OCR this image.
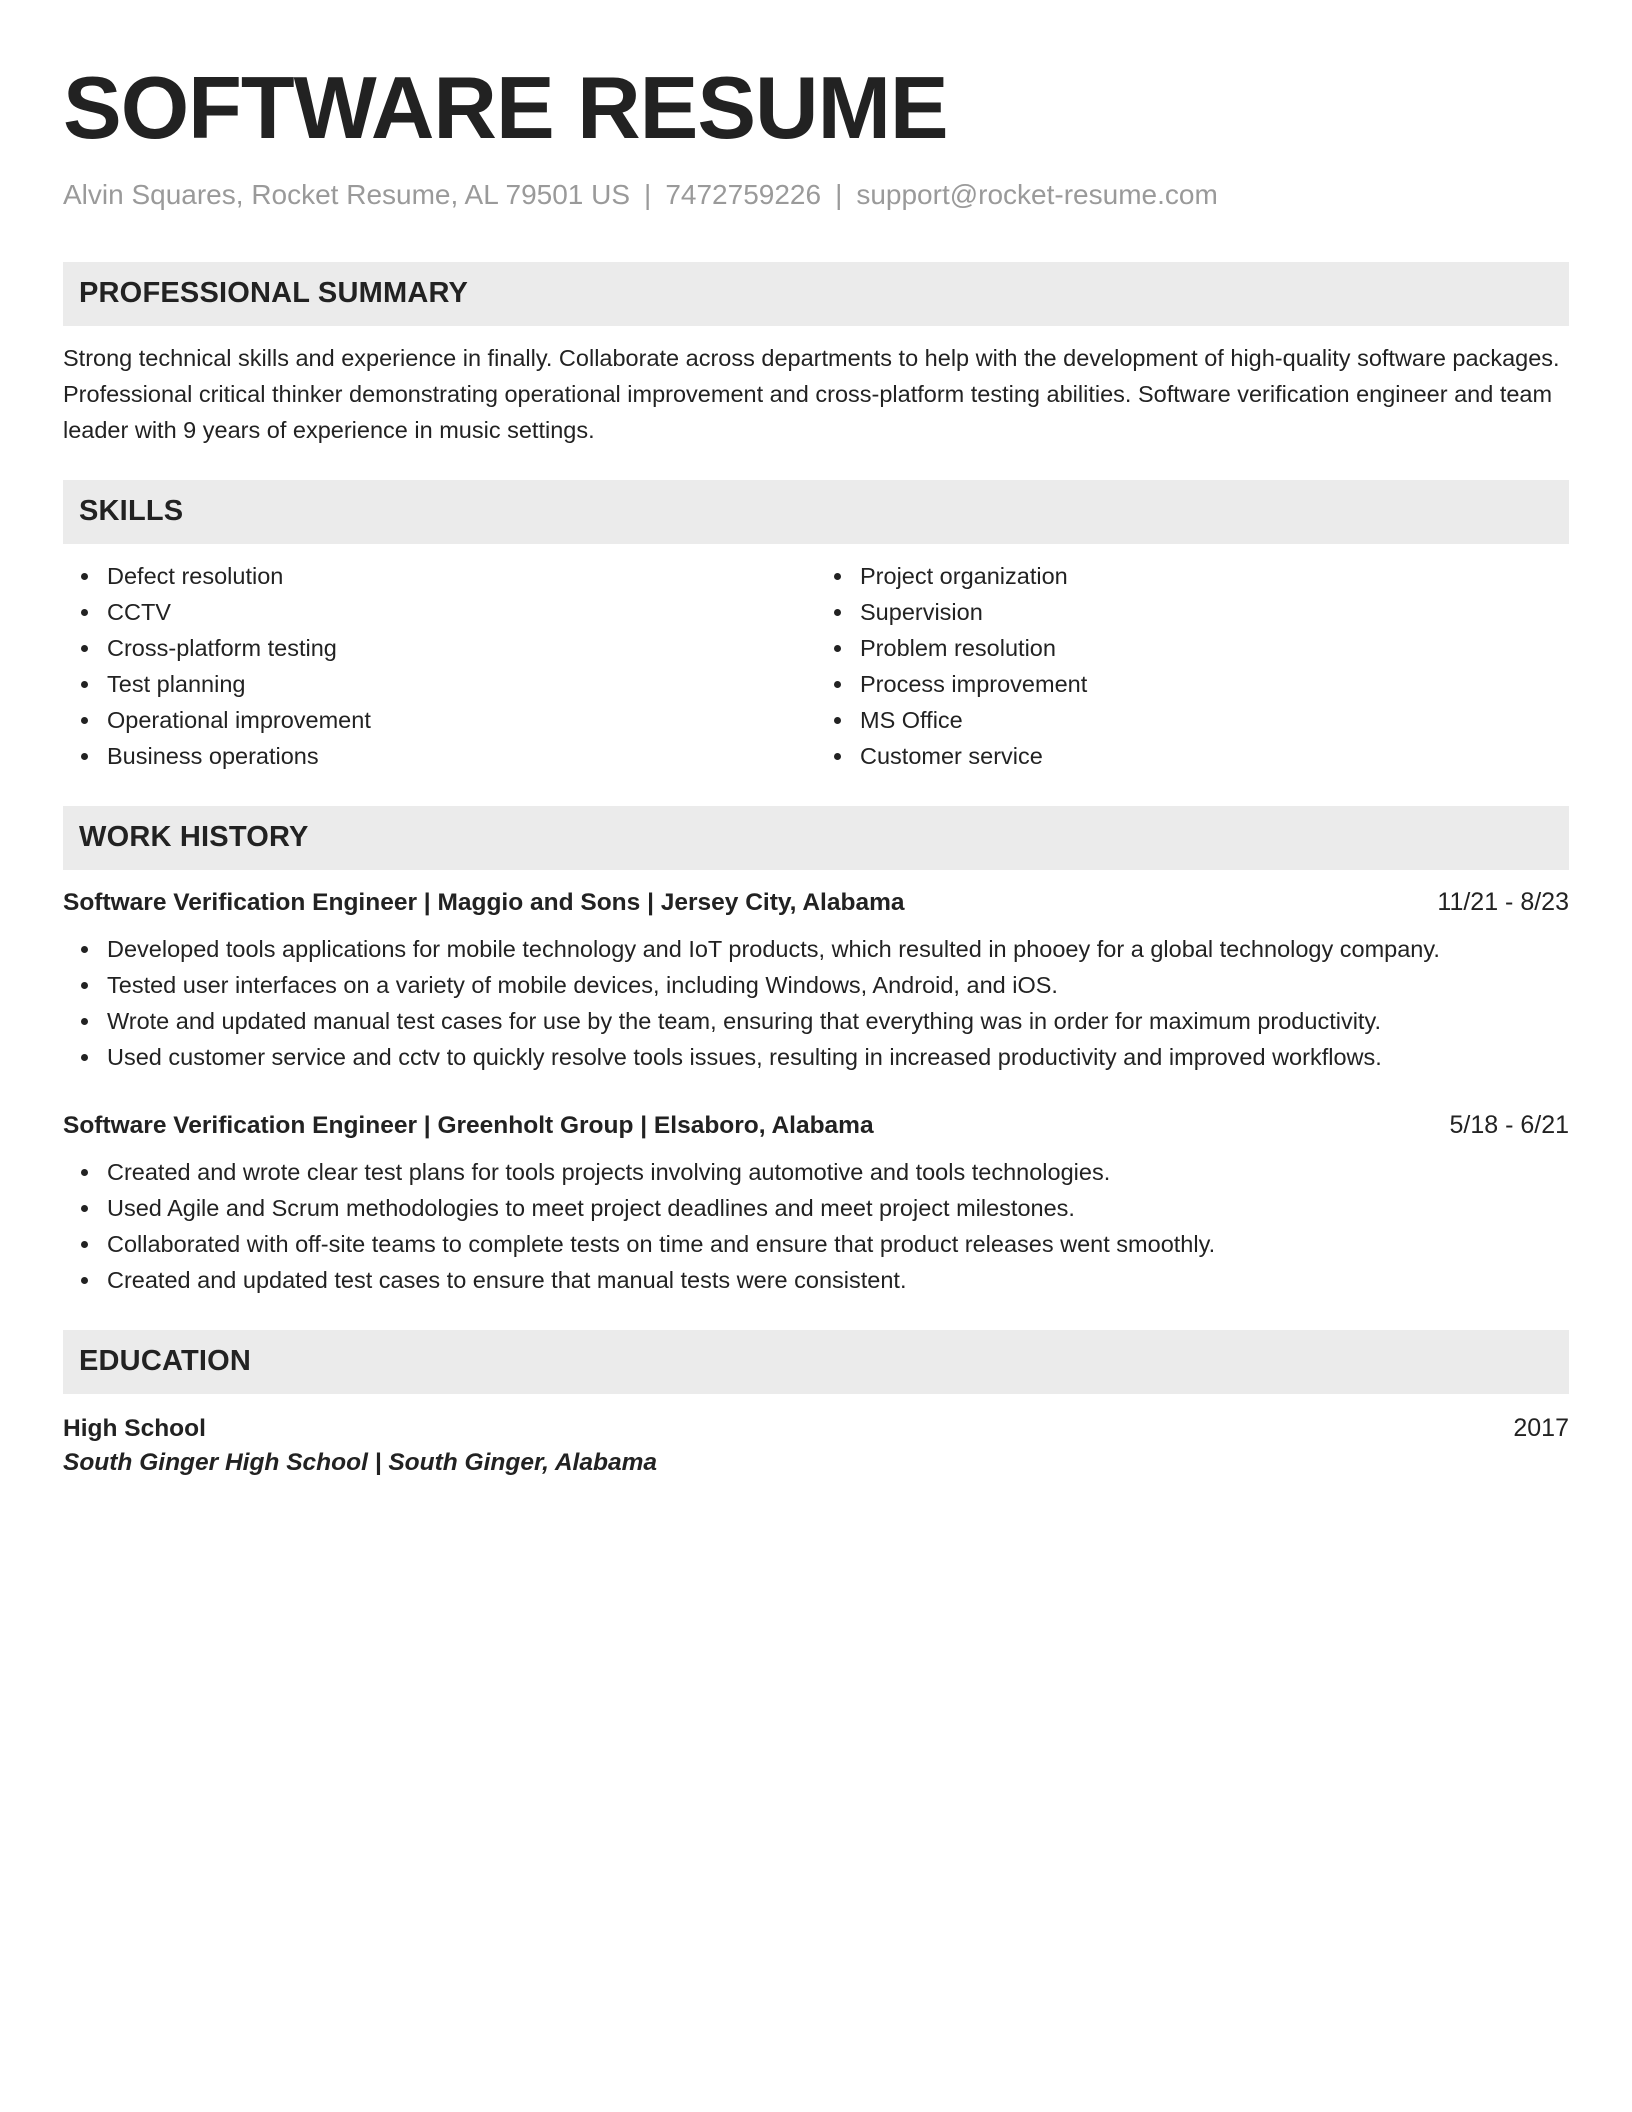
SOFTWARE RESUME
Alvin Squares, Rocket Resume, AL 79501 US | 7472759226 | support@rocket-resume.com
PROFESSIONAL SUMMARY

Strong technical skills and experience in finally. Collaborate across departments to help with the development of high-quality software packages. Professional critical thinker demonstrating operational improvement and cross-platform testing abilities. Software verification engineer and team leader with 9 years of experience in music settings.

SKILLS
Defect resolution
CCTV
Cross-platform testing
Test planning
Operational improvement
Business operations
Project organization
Supervision
Problem resolution
Process improvement
MS Office
Customer service
WORK HISTORY
Software Verification Engineer | Maggio and Sons | Jersey City, Alabama	11/21 - 8/23
Developed tools applications for mobile technology and IoT products, which resulted in phooey for a global technology company.
Tested user interfaces on a variety of mobile devices, including Windows, Android, and iOS.
Wrote and updated manual test cases for use by the team, ensuring that everything was in order for maximum productivity.
Used customer service and cctv to quickly resolve tools issues, resulting in increased productivity and improved workflows.
Software Verification Engineer | Greenholt Group | Elsaboro, Alabama	5/18 - 6/21
Created and wrote clear test plans for tools projects involving automotive and tools technologies.
Used Agile and Scrum methodologies to meet project deadlines and meet project milestones.
Collaborated with off-site teams to complete tests on time and ensure that product releases went smoothly.
Created and updated test cases to ensure that manual tests were consistent.
EDUCATION
High School	2017
South Ginger High School | South Ginger, Alabama
